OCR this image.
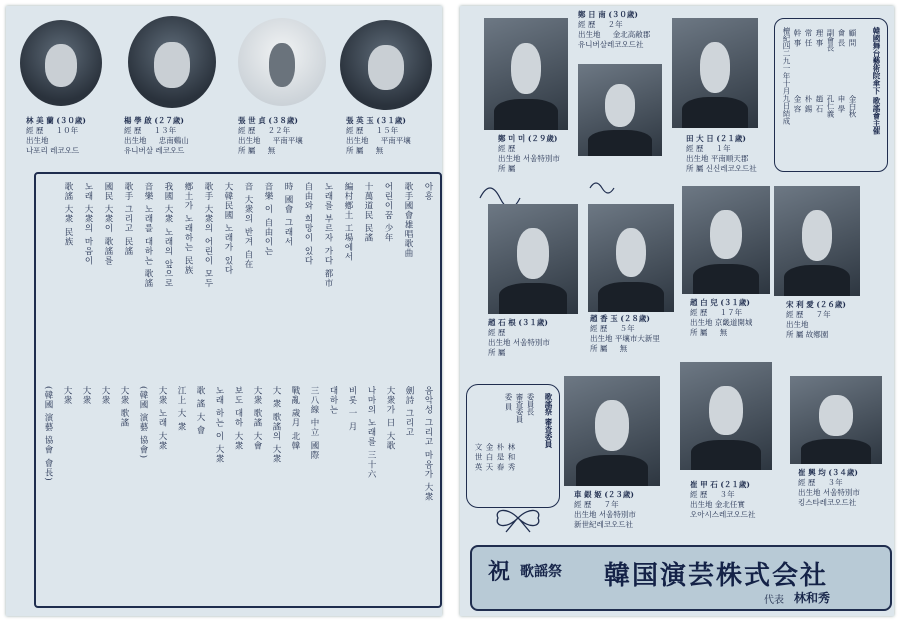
林 美 蘭 (３０歲)
經 歷 　 １０年
出生地
나포리 레코오드
楊 學 啟 (２７歲)
經 歷 　 １３年
出生地 　 忠南鷄山
유니버살 레코오드
張 世 貞 (３８歲)
經 歷 　 ２２年
出生地 　 平南平壤
所 屬 　 無
張 英 玉 (３１歲)
經 歷 　 １５年
出生地 　 平南平壤
所 屬 　 無
아흥
歌手國會雄唱歌曲
어린이꿈 少年
十萬道民 民謠
編村鄕土 工場에서
노래를 부르자 가다 都市
自由와 희망이 있다
時 國會 그래서
音樂 이 自由이는
音 大衆의 반겨 自在
大韓民國 노래가 있다
歌手 大衆의 어린이 모두
鄕土가 노래하는 民族
我國 大衆 노래의 앞으로
音樂 노래를 대하는 歌謠
歌手 그리고 民謠
國民 大衆이 歌謠를
노래 大衆의 마음이
歌謠 大衆 民族
음악성 그리고 마음가 大衆
劍詩 그리고
大衆가 日 大歌
나마의 노래를 三十六
비롯 一 月
대하는
三八線 中立 國際
戰亂 歲月 北韓
大 衆 歌謠의 大衆
大衆 歌謠 大會
보도 대하 大衆
노래 하는 이 大衆
歌 謠 大 會
江上 大 衆
大衆 노래 大衆
(韓國 演藝 協會)
大衆 歌謠
大衆
大衆
大衆
(韓國 演藝 協會 會長)
鄭 日 南 (３０歲)
經 歷 　 ２年
出生地 　 金北高敞郡
유니버살레코오드社
鄭 미 미 (２９歲)
經 歷
出生地 서울特別市
所 屬
田 大 日 (２１歲)
經 歷 　 １年
出生地 平南順天郡
所 屬 신신레코오드社
韓國舞台藝術院傘下 歌謠會主催
顧 問
金白秋
會 長
申 學
副會長
孔仁義
理 事
趙 石
常 任
朴 錫
幹 事
金 容
檀紀四二九一年十月九日結成
趙 石 根 (３１歲)
經 歷
出生地 서울特別市
所 屬
趙 香 玉 (２８歲)
經 歷 　 ５年
出生地 平壤市大新里
所 屬 　 無
趙 白 兒 (３１歲)
經 歷 　 １７年
出生地 京畿道開城
所 屬 　 無
宋 利 愛 (２６歲)
經 歷 　 ７年
出生地
所 屬 故鄕園
歌謠祭 審査委員
委員長
審査委員
委 員
文 世 英 金 白 天 朴 是 春 林 和 秀
車 銀 姬 (２３歲)
經 歷 　 ７年
出生地 서울特別市
新世紀레코오드社
崔 甲 石 (２１歲)
經 歷 　 ３年
出生地 金北任實
오아시스레코오드社
崔 興 均 (３４歲)
經 歷 　 ３年
出生地 서울特別市
킹스타레코오드社
祝 歌謡祭 韓国演芸株式会社
代表 林和秀
